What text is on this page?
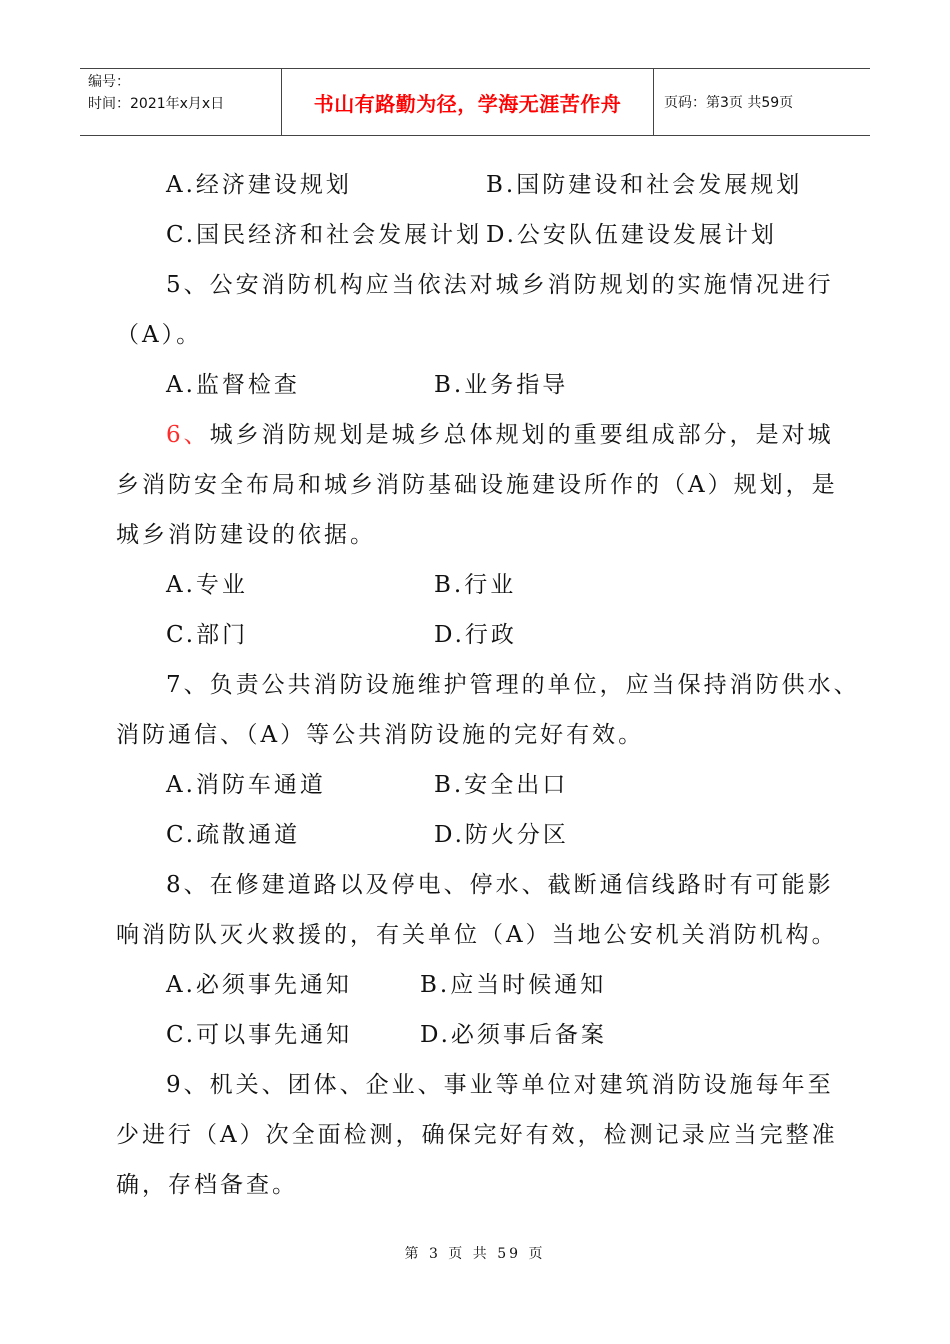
编号：
时间：2021年x月x日	书山有路勤为径，学海无涯苦作舟	页码：第3页 共59页
A.经济建设规划	B.国防建设和社会发展规划
C.国民经济和社会发展计划 D.公安队伍建设发展计划

5、公安消防机构应当依法对城乡消防规划的实施情况进行

（A）。

A.监督检查	B.业务指导

6、城乡消防规划是城乡总体规划的重要组成部分，是对城

乡消防安全布局和城乡消防基础设施建设所作的（A）规划，是

城乡消防建设的依据。

A.专业	B.行业
C.部门	D.行政

7、负责公共消防设施维护管理的单位，应当保持消防供水、

消防通信、（A）等公共消防设施的完好有效。

A.消防车通道	B.安全出口
C.疏散通道	D.防火分区

8、在修建道路以及停电、停水、截断通信线路时有可能影

响消防队灭火救援的，有关单位（A）当地公安机关消防机构。

A.必须事先通知	B.应当时候通知
C.可以事先通知	D.必须事后备案

9、机关、团体、企业、事业等单位对建筑消防设施每年至

少进行（A）次全面检测，确保完好有效，检测记录应当完整准

确，存档备查。

第 3 页 共 59 页
